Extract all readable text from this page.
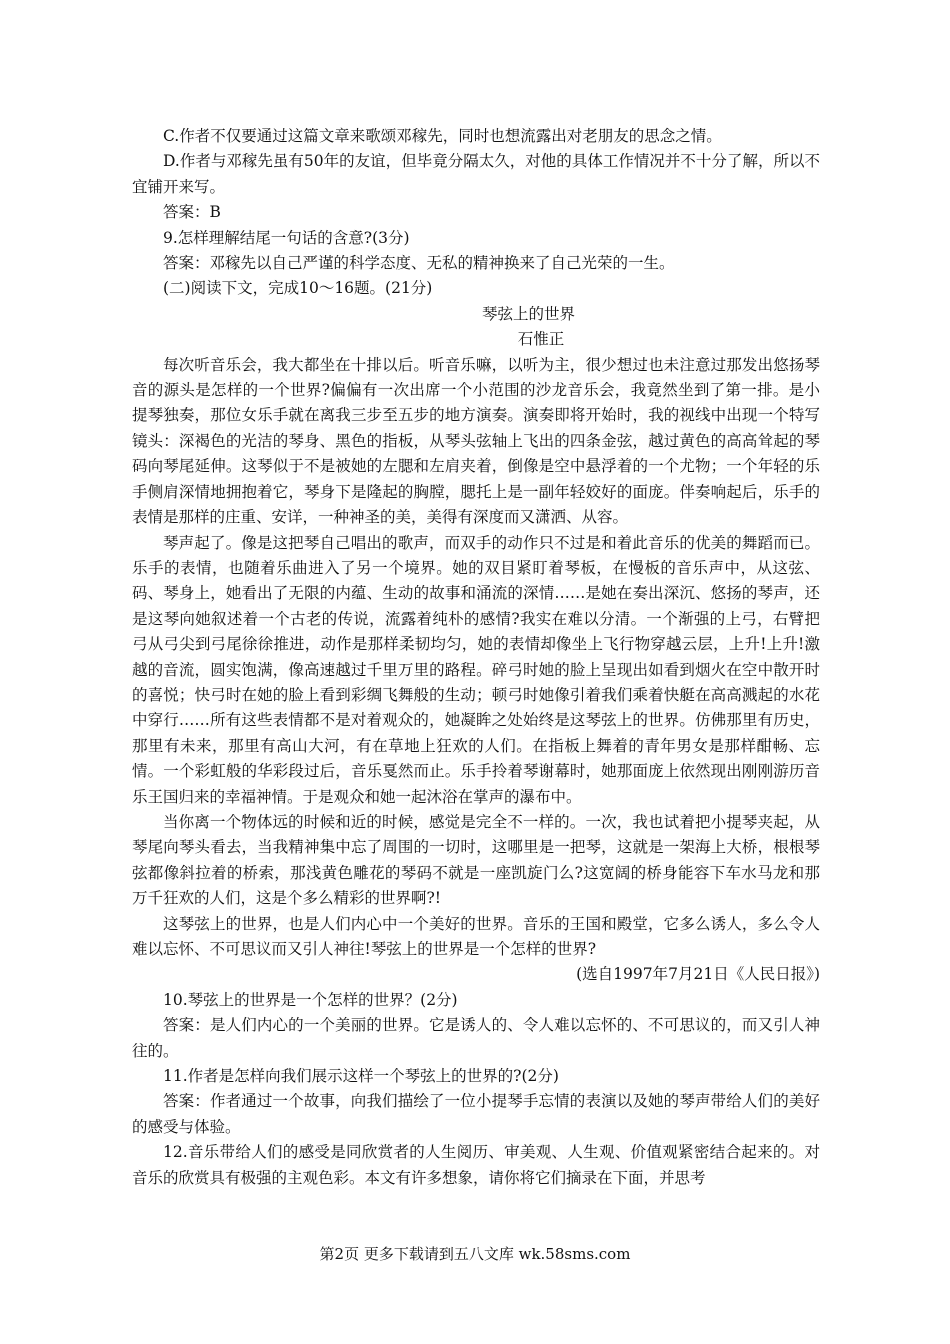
C.作者不仅要通过这篇文章来歌颂邓稼先，同时也想流露出对老朋友的思念之情。

D.作者与邓稼先虽有50年的友谊，但毕竟分隔太久，对他的具体工作情况并不十分了解，所以不宜铺开来写。

答案：B

9.怎样理解结尾一句话的含意?(3分)

答案：邓稼先以自己严谨的科学态度、无私的精神换来了自己光荣的一生。

(二)阅读下文，完成10～16题。(21分)

琴弦上的世界

石惟正

每次听音乐会，我大都坐在十排以后。听音乐嘛，以听为主，很少想过也未注意过那发出悠扬琴音的源头是怎样的一个世界?偏偏有一次出席一个小范围的沙龙音乐会，我竟然坐到了第一排。是小提琴独奏，那位女乐手就在离我三步至五步的地方演奏。演奏即将开始时，我的视线中出现一个特写镜头：深褐色的光洁的琴身、黑色的指板，从琴头弦轴上飞出的四条金弦，越过黄色的高高耸起的琴码向琴尾延伸。这琴似于不是被她的左腮和左肩夹着，倒像是空中悬浮着的一个尤物；一个年轻的乐手侧肩深情地拥抱着它，琴身下是隆起的胸膛，腮托上是一副年轻姣好的面庞。伴奏响起后，乐手的表情是那样的庄重、安详，一种神圣的美，美得有深度而又潇洒、从容。

琴声起了。像是这把琴自己唱出的歌声，而双手的动作只不过是和着此音乐的优美的舞蹈而已。乐手的表情，也随着乐曲进入了另一个境界。她的双目紧盯着琴板，在慢板的音乐声中，从这弦、码、琴身上，她看出了无限的内蕴、生动的故事和涌流的深情……是她在奏出深沉、悠扬的琴声，还是这琴向她叙述着一个古老的传说，流露着纯朴的感情?我实在难以分清。一个渐强的上弓，右臂把弓从弓尖到弓尾徐徐推进，动作是那样柔韧均匀，她的表情却像坐上飞行物穿越云层，上升!上升!激越的音流，圆实饱满，像高速越过千里万里的路程。碎弓时她的脸上呈现出如看到烟火在空中散开时的喜悦；快弓时在她的脸上看到彩绸飞舞般的生动；顿弓时她像引着我们乘着快艇在高高溅起的水花中穿行……所有这些表情都不是对着观众的，她凝眸之处始终是这琴弦上的世界。仿佛那里有历史，那里有未来，那里有高山大河，有在草地上狂欢的人们。在指板上舞着的青年男女是那样酣畅、忘情。一个彩虹般的华彩段过后，音乐戛然而止。乐手拎着琴谢幕时，她那面庞上依然现出刚刚游历音乐王国归来的幸福神情。于是观众和她一起沐浴在掌声的瀑布中。

当你离一个物体远的时候和近的时候，感觉是完全不一样的。一次，我也试着把小提琴夹起，从琴尾向琴头看去，当我精神集中忘了周围的一切时，这哪里是一把琴，这就是一架海上大桥，根根琴弦都像斜拉着的桥索，那浅黄色雕花的琴码不就是一座凯旋门么?这宽阔的桥身能容下车水马龙和那万千狂欢的人们，这是个多么精彩的世界啊?!

这琴弦上的世界，也是人们内心中一个美好的世界。音乐的王国和殿堂，它多么诱人，多么令人难以忘怀、不可思议而又引人神往!琴弦上的世界是一个怎样的世界?

(选自1997年7月21日《人民日报》)

10.琴弦上的世界是一个怎样的世界？(2分)

答案：是人们内心的一个美丽的世界。它是诱人的、令人难以忘怀的、不可思议的，而又引人神往的。

11.作者是怎样向我们展示这样一个琴弦上的世界的?(2分)

答案：作者通过一个故事，向我们描绘了一位小提琴手忘情的表演以及她的琴声带给人们的美好的感受与体验。

12.音乐带给人们的感受是同欣赏者的人生阅历、审美观、人生观、价值观紧密结合起来的。对音乐的欣赏具有极强的主观色彩。本文有许多想象，请你将它们摘录在下面，并思考

第2页 更多下载请到五八文库 wk.58sms.com
